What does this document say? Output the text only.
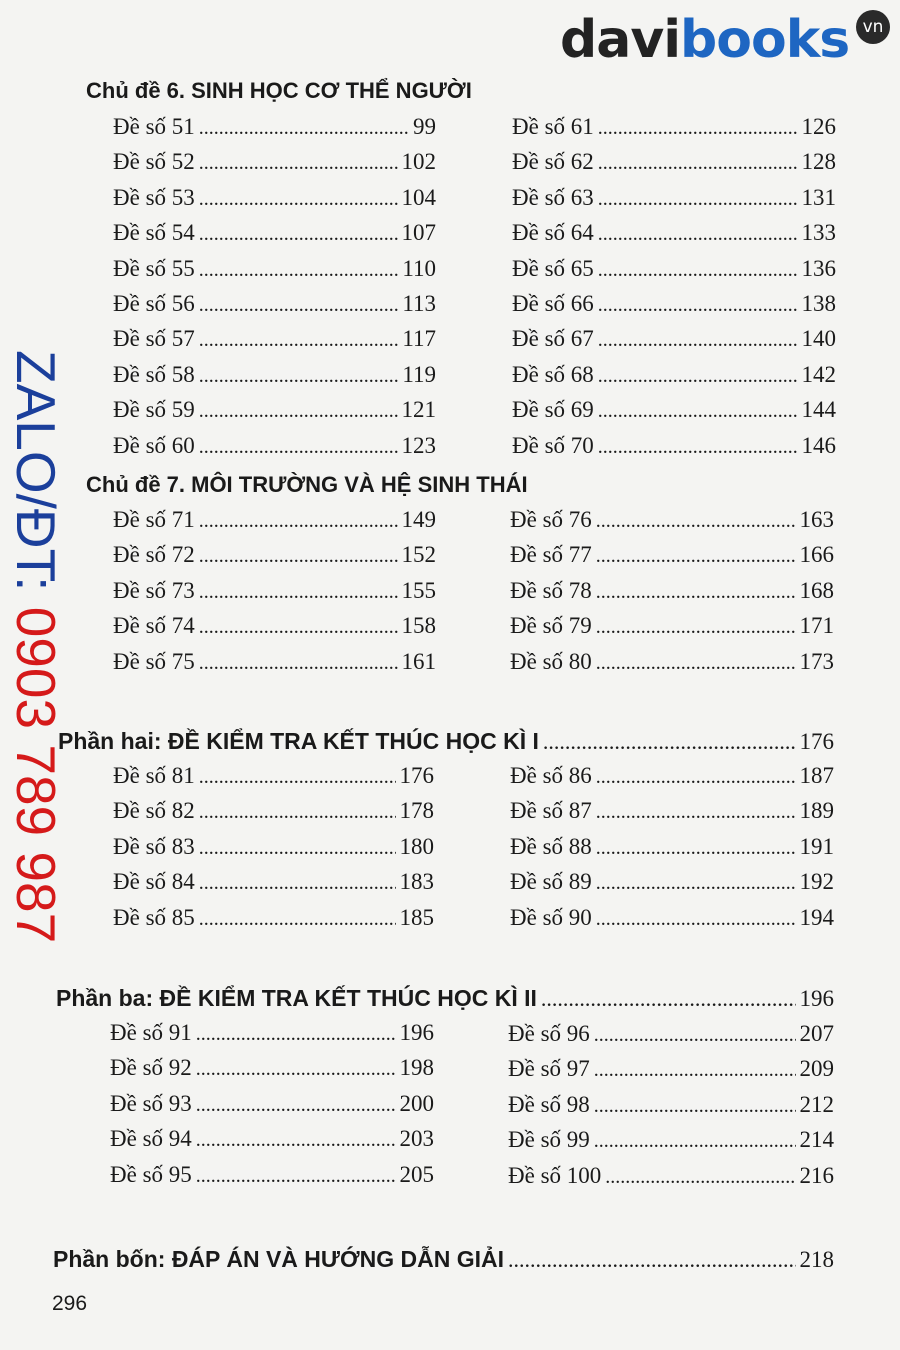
davibooks vn
ZALO/ĐT: 0903 789 987
Chủ đề 6. SINH HỌC CƠ THỂ NGƯỜI
Đề số 51 .....	99
Đề số 52 .....	102
Đề số 53 .....	104
Đề số 54 .....	107
Đề số 55 .....	110
Đề số 56 .....	113
Đề số 57 .....	117
Đề số 58 .....	119
Đề số 59 .....	121
Đề số 60 .....	123
Đề số 61 .....	126
Đề số 62 .....	128
Đề số 63 .....	131
Đề số 64 .....	133
Đề số 65 .....	136
Đề số 66 .....	138
Đề số 67 .....	140
Đề số 68 .....	142
Đề số 69 .....	144
Đề số 70 .....	146
Chủ đề 7. MÔI TRƯỜNG VÀ HỆ SINH THÁI
Đề số 71 .....	149
Đề số 72 .....	152
Đề số 73 .....	155
Đề số 74 .....	158
Đề số 75 .....	161
Đề số 76 .....	163
Đề số 77 .....	166
Đề số 78 .....	168
Đề số 79 .....	171
Đề số 80 .....	173
Phần hai: ĐỀ KIỂM TRA KẾT THÚC HỌC KÌ I .....	176
Đề số 81 .....	176
Đề số 82 .....	178
Đề số 83 .....	180
Đề số 84 .....	183
Đề số 85 .....	185
Đề số 86 .....	187
Đề số 87 .....	189
Đề số 88 .....	191
Đề số 89 .....	192
Đề số 90 .....	194
Phần ba: ĐỀ KIỂM TRA KẾT THÚC HỌC KÌ II .....	196
Đề số 91 .....	196
Đề số 92 .....	198
Đề số 93 .....	200
Đề số 94 .....	203
Đề số 95 .....	205
Đề số 96 .....	207
Đề số 97 .....	209
Đề số 98 .....	212
Đề số 99 .....	214
Đề số 100 .....	216
Phần bốn: ĐÁP ÁN VÀ HƯỚNG DẪN GIẢI .....	218
296
